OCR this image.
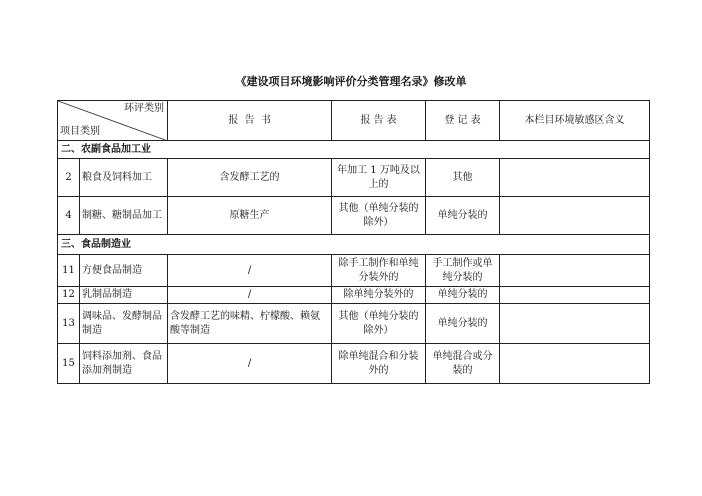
《建设项目环境影响评价分类管理名录》修改单
环评类别
项目类别		报  告  书	报 告 表	登 记 表	本栏目环境敏感区含义
二、农副食品加工业					
2	粮食及饲料加工	含发酵工艺的	年加工 1 万吨及以上的	其他	
4	制糖、糖制品加工	原糖生产	其他（单纯分装的除外）	单纯分装的	
三、食品制造业					
11	方便食品制造	/	除手工制作和单纯分装外的	手工制作或单纯分装的	
12	乳制品制造	/	除单纯分装外的	单纯分装的	
13	调味品、发酵制品制造	含发酵工艺的味精、柠檬酸、赖氨酸等制造	其他（单纯分装的除外）	单纯分装的	
15	饲料添加剂、食品添加剂制造	/	除单纯混合和分装外的	单纯混合或分装的	
